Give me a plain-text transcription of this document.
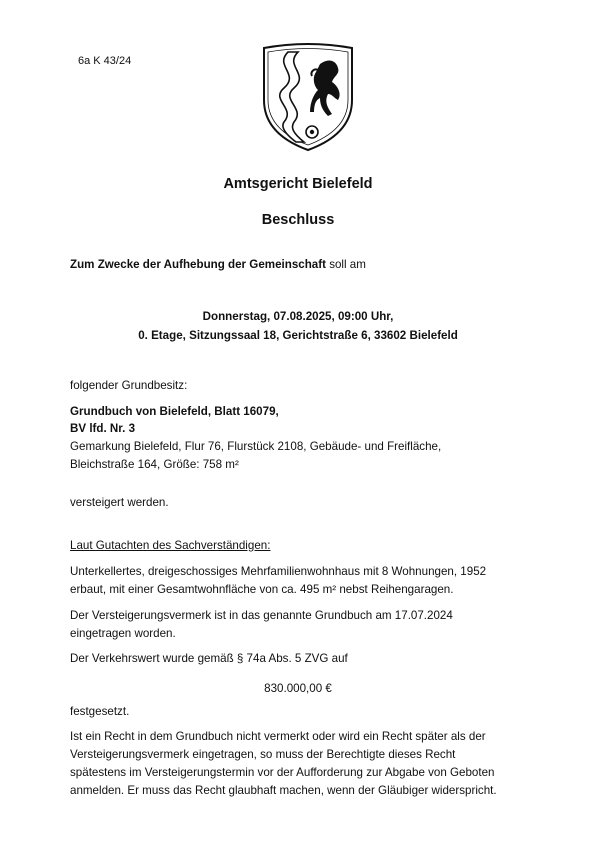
6a K 43/24
Amtsgericht Bielefeld
Beschluss
Zum Zwecke der Aufhebung der Gemeinschaft soll am
Donnerstag, 07.08.2025, 09:00 Uhr,
0. Etage, Sitzungssaal 18, Gerichtstraße 6, 33602 Bielefeld
folgender Grundbesitz:
Grundbuch von Bielefeld, Blatt 16079,
BV lfd. Nr. 3
Gemarkung Bielefeld, Flur 76, Flurstück 2108, Gebäude- und Freifläche,
Bleichstraße 164, Größe: 758 m²
versteigert werden.
Laut Gutachten des Sachverständigen:
Unterkellertes, dreigeschossiges Mehrfamilienwohnhaus mit 8 Wohnungen, 1952
erbaut, mit einer Gesamtwohnfläche von ca. 495 m² nebst Reihengaragen.
Der Versteigerungsvermerk ist in das genannte Grundbuch am 17.07.2024
eingetragen worden.
Der Verkehrswert wurde gemäß § 74a Abs. 5 ZVG auf
830.000,00 €
festgesetzt.
Ist ein Recht in dem Grundbuch nicht vermerkt oder wird ein Recht später als der
Versteigerungsvermerk eingetragen, so muss der Berechtigte dieses Recht
spätestens im Versteigerungstermin vor der Aufforderung zur Abgabe von Geboten
anmelden. Er muss das Recht glaubhaft machen, wenn der Gläubiger widerspricht.
